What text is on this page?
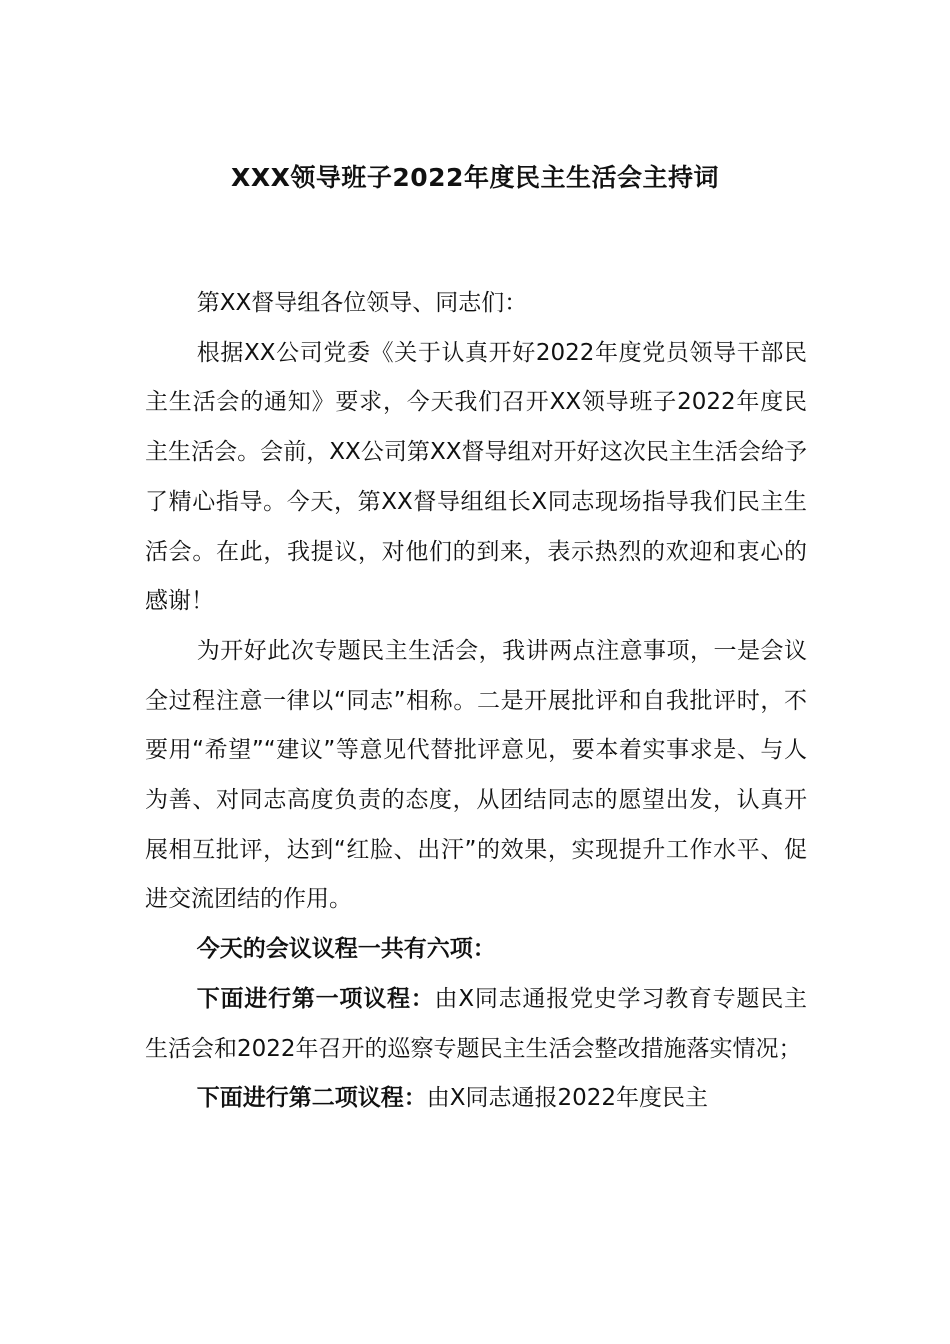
XXX领导班子2022年度民主生活会主持词

第XX督导组各位领导、同志们：

根据XX公司党委《关于认真开好2022年度党员领导干部民主生活会的通知》要求，今天我们召开XX领导班子2022年度民主生活会。会前，XX公司第XX督导组对开好这次民主生活会给予了精心指导。今天，第XX督导组组长X同志现场指导我们民主生活会。在此，我提议，对他们的到来，表示热烈的欢迎和衷心的感谢！

为开好此次专题民主生活会，我讲两点注意事项，一是会议全过程注意一律以“同志”相称。二是开展批评和自我批评时，不要用“希望”“建议”等意见代替批评意见，要本着实事求是、与人为善、对同志高度负责的态度，从团结同志的愿望出发，认真开展相互批评，达到“红脸、出汗”的效果，实现提升工作水平、促进交流团结的作用。

今天的会议议程一共有六项：

下面进行第一项议程：由X同志通报党史学习教育专题民主生活会和2022年召开的巡察专题民主生活会整改措施落实情况；

下面进行第二项议程：由X同志通报2022年度民主
